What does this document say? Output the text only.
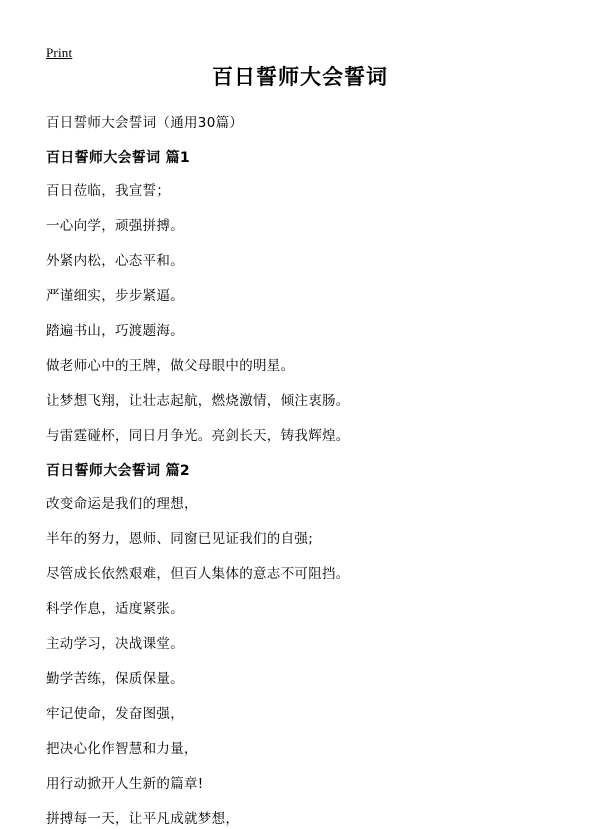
Print
百日誓师大会誓词

百日誓师大会誓词（通用30篇）

百日誓师大会誓词 篇1

百日莅临，我宣誓；

一心向学，顽强拼搏。

外紧内松，心态平和。

严谨细实，步步紧逼。

踏遍书山，巧渡题海。

做老师心中的王牌，做父母眼中的明星。

让梦想飞翔，让壮志起航，燃烧激情，倾注衷肠。

与雷霆碰杯，同日月争光。亮剑长天，铸我辉煌。

百日誓师大会誓词 篇2

改变命运是我们的理想，

半年的努力，恩师、同窗已见证我们的自强;

尽管成长依然艰难，但百人集体的意志不可阻挡。

科学作息，适度紧张。

主动学习，决战课堂。

勤学苦练，保质保量。

牢记使命，发奋图强，

把决心化作智慧和力量，

用行动掀开人生新的篇章!

拼搏每一天，让平凡成就梦想，
